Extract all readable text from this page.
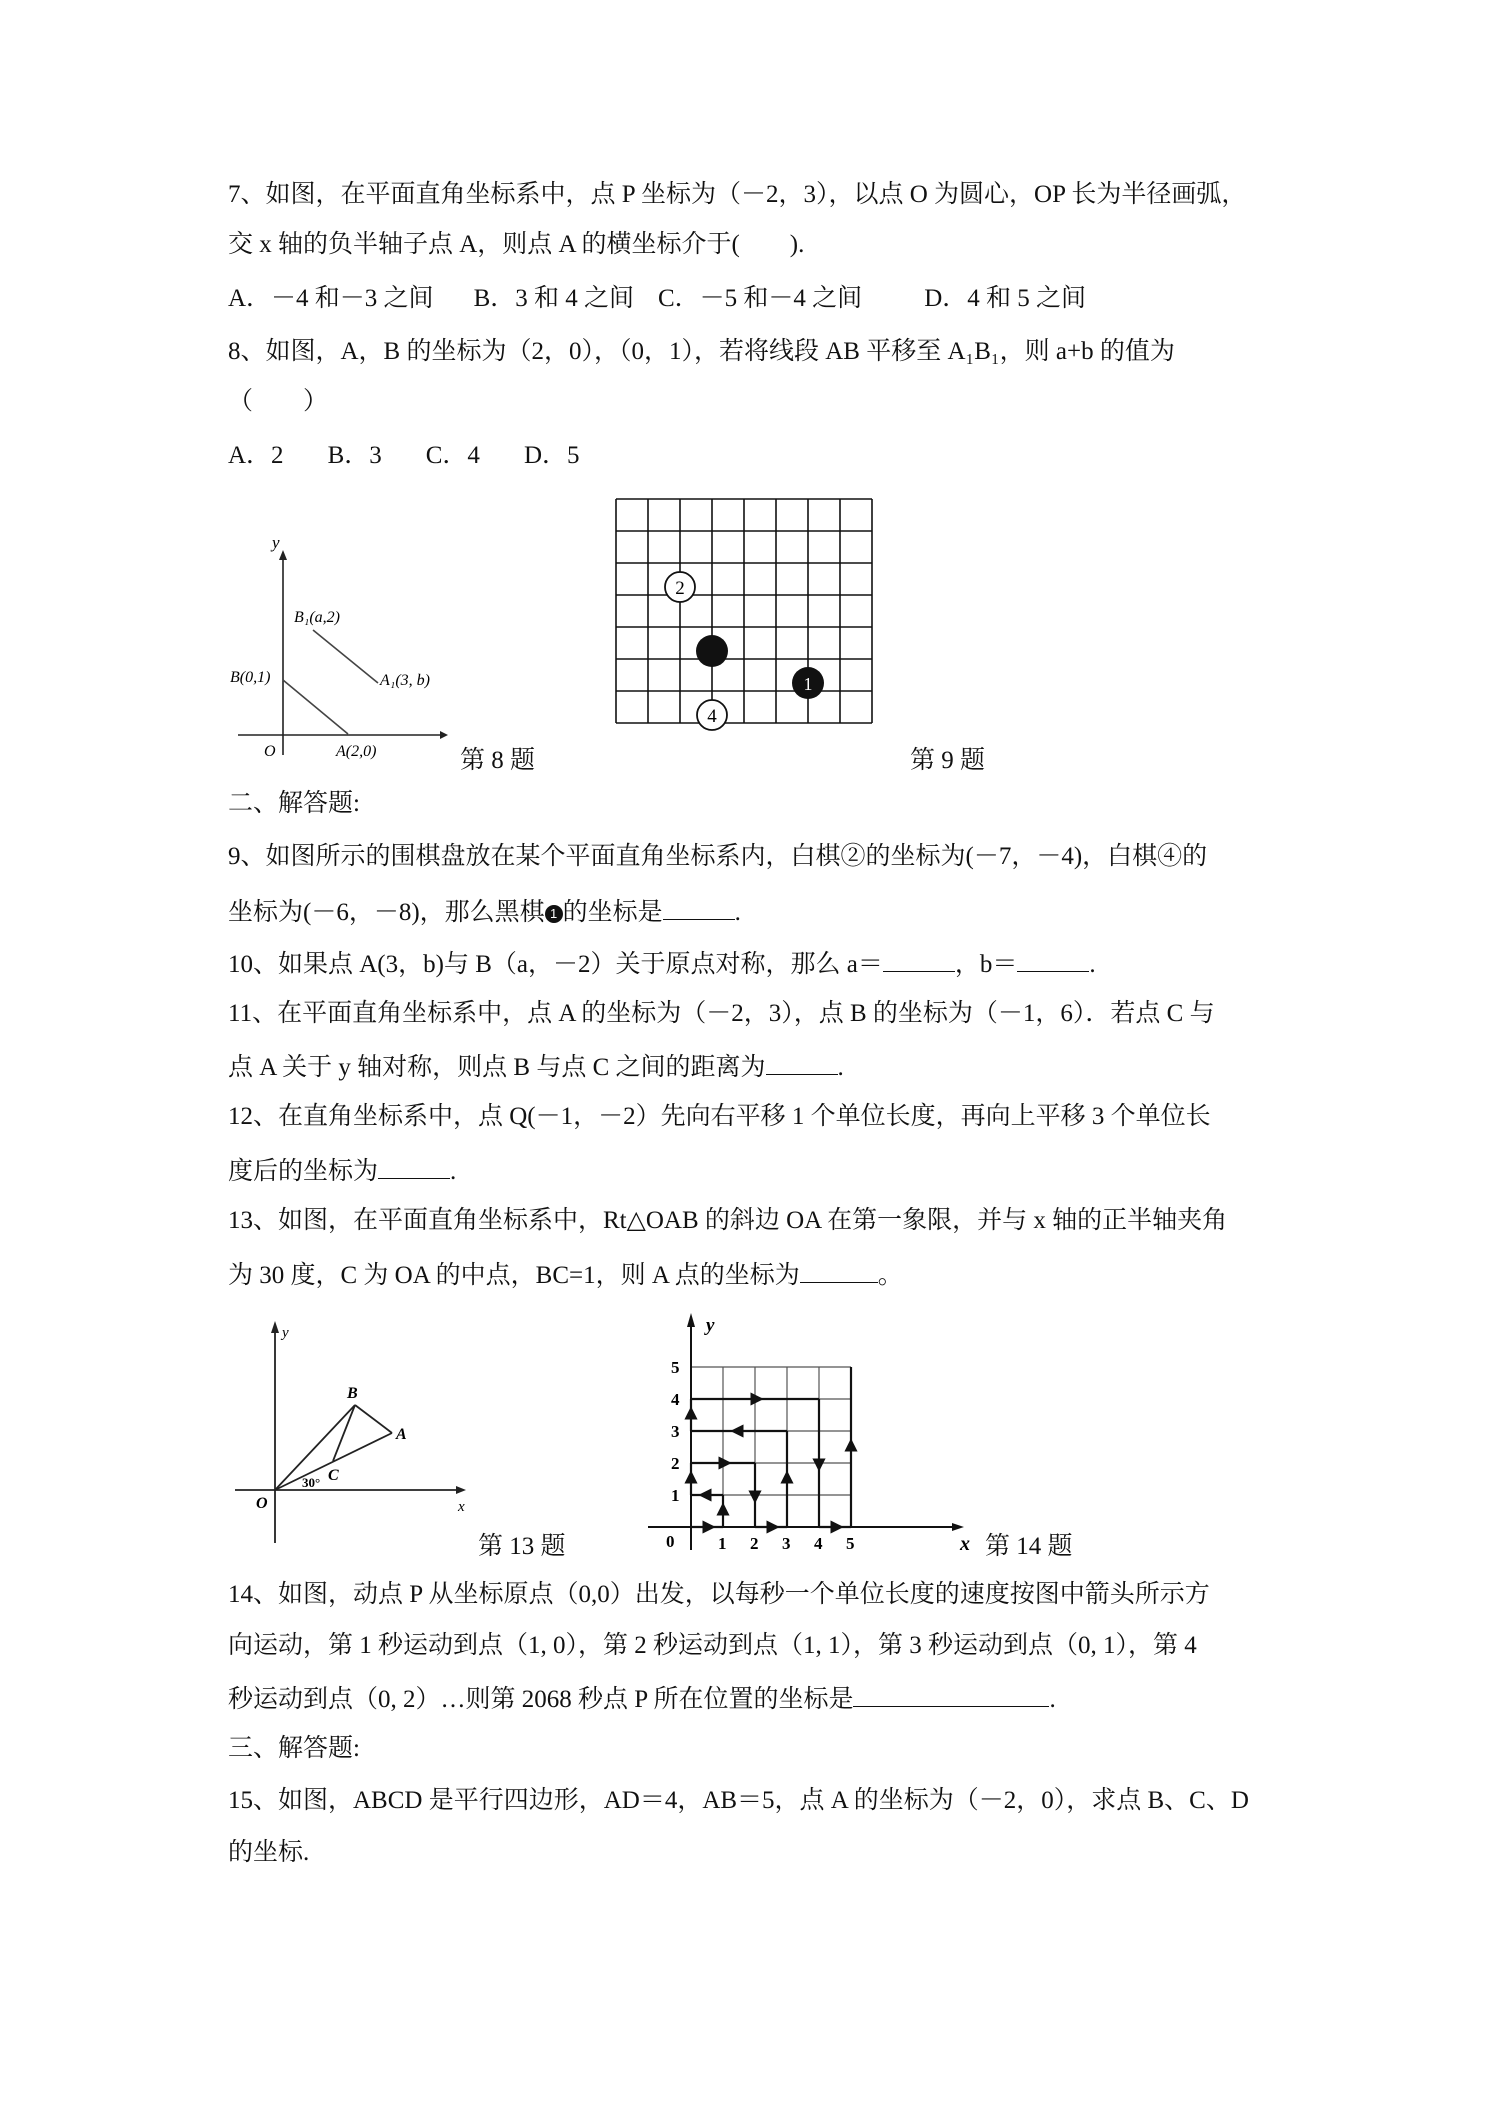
7、如图，在平面直角坐标系中，点 P 坐标为（－2，3），以点 O 为圆心，OP 长为半径画弧，
交 x 轴的负半轴子点 A，则点 A 的横坐标介于(　　).
A．－4 和－3 之间 B．3 和 4 之间 C．－5 和－4 之间 D．4 和 5 之间
8、如图，A，B 的坐标为（2，0），（0，1），若将线段 AB 平移至 A₁B₁，则 a+b 的值为
（　　）
A．2 B．3 C．4 D．5
y
O
B(0,1)
A(2,0)
B₁(a,2)
A₁(3, b)
第 8 题
2
1
4
第 9 题
二、解答题:
9、如图所示的围棋盘放在某个平面直角坐标系内，白棋②的坐标为(－7，－4)，白棋④的
坐标为(－6，－8)，那么黑棋 1 的坐标是	.
10、如果点 A(3，b)与 B（a，－2）关于原点对称，那么 a＝	，b＝	.
11、在平面直角坐标系中，点 A 的坐标为（－2，3），点 B 的坐标为（－1，6）．若点 C 与
点 A 关于 y 轴对称，则点 B 与点 C 之间的距离为	.
12、在直角坐标系中，点 Q(－1，－2）先向右平移 1 个单位长度，再向上平移 3 个单位长
度后的坐标为	.
13、如图，在平面直角坐标系中，Rt△OAB 的斜边 OA 在第一象限，并与 x 轴的正半轴夹角
为 30 度，C 为 OA 的中点，BC=1，则 A 点的坐标为	。
y
x
O
B
A
C
30°
第 13 题
y
x
0
1
2
3
4
5
1 2 3 4 5	第 14 题
14、如图，动点 P 从坐标原点（0,0）出发，以每秒一个单位长度的速度按图中箭头所示方
向运动，第 1 秒运动到点（1, 0），第 2 秒运动到点（1, 1），第 3 秒运动到点（0, 1），第 4
秒运动到点（0, 2）…则第 2068 秒点 P 所在位置的坐标是	.
三、解答题:
15、如图，ABCD 是平行四边形，AD＝4，AB＝5，点 A 的坐标为（－2，0），求点 B、C、D
的坐标.
